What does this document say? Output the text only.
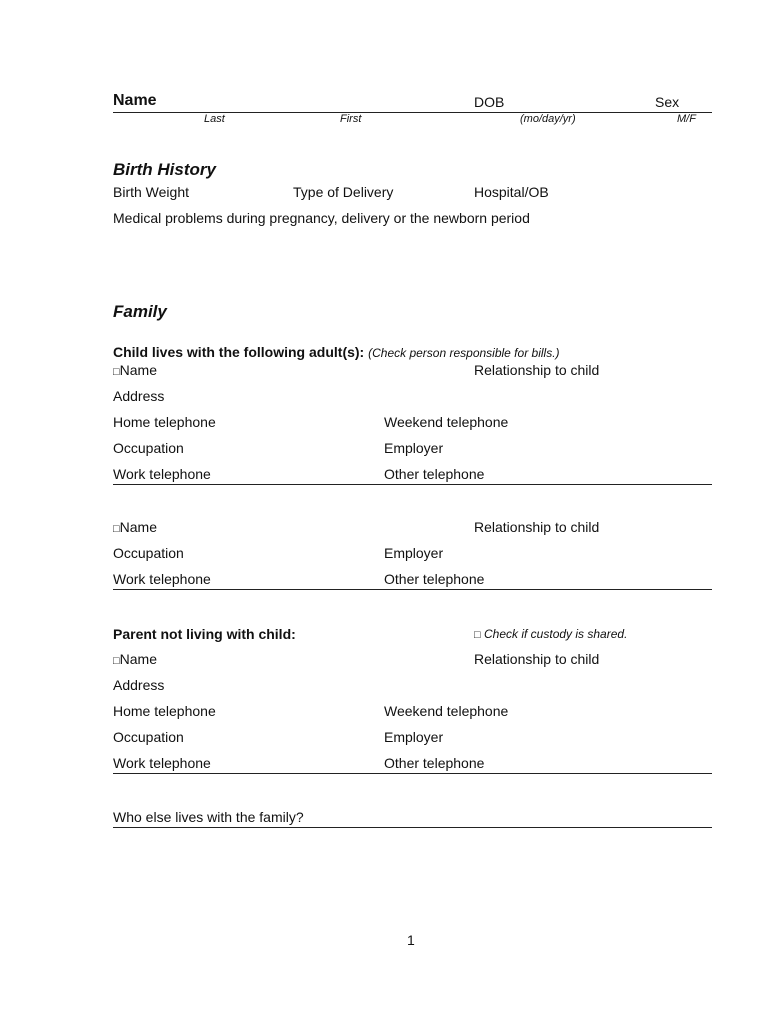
Name	DOB	Sex
Last	First	(mo/day/yr)	M/F
Birth History
Birth Weight	Type of Delivery	Hospital/OB
Medical problems during pregnancy, delivery or the newborn period
Family
Child lives with the following adult(s): (Check person responsible for bills.)
□Name	Relationship to child
Address
Home telephone	Weekend telephone
Occupation	Employer
Work telephone	Other telephone
□Name	Relationship to child
Occupation	Employer
Work telephone	Other telephone
Parent not living with child:	□ Check if custody is shared.
□Name	Relationship to child
Address
Home telephone	Weekend telephone
Occupation	Employer
Work telephone	Other telephone
Who else lives with the family?
1
